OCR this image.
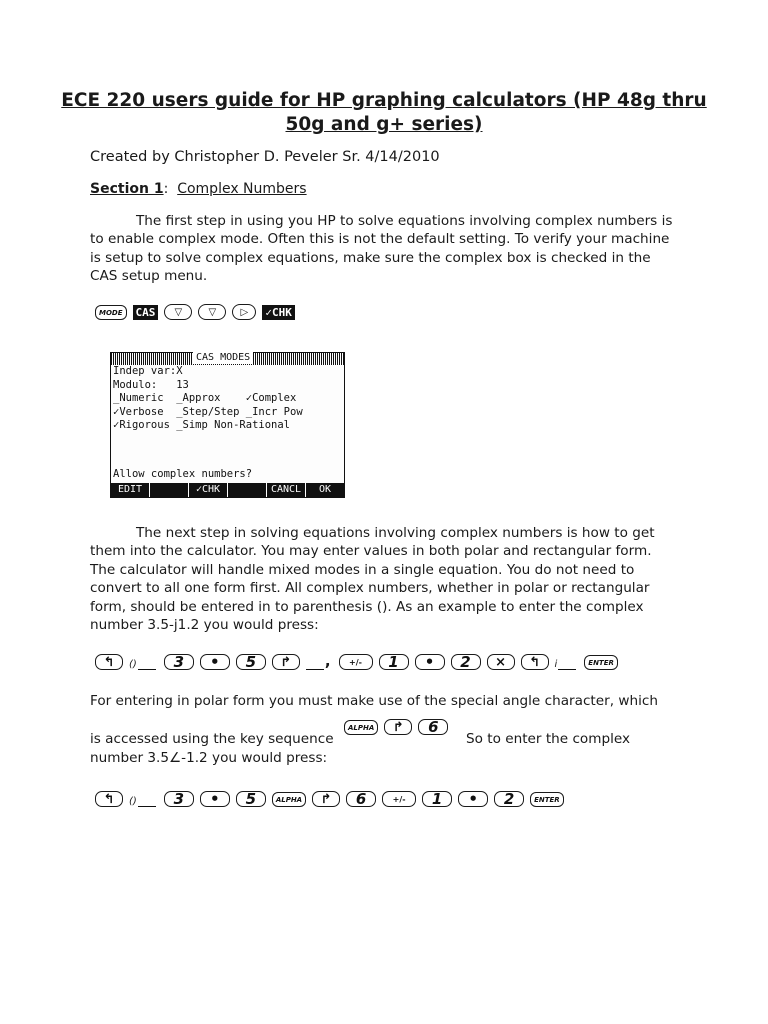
ECE 220 users guide for HP graphing calculators (HP 48g thru 50g and g+ series)
Created by Christopher D. Peveler Sr. 4/14/2010
Section 1: Complex Numbers
The first step in using you HP to solve equations involving complex numbers is to enable complex mode. Often this is not the default setting. To verify your machine is setup to solve complex equations, make sure the complex box is checked in the CAS setup menu.
MODE	CAS	▽	▽	▷	✓CHK
CAS MODES
Indep var:X
Modulo:   13
_Numeric  _Approx    ✓Complex
✓Verbose  _Step/Step _Incr Pow
✓Rigorous _Simp Non-Rational
Allow complex numbers?
EDIT	✓CHK	CANCL	OK
The next step in solving equations involving complex numbers is how to get them into the calculator. You may enter values in both polar and rectangular form. The calculator will handle mixed modes in a single equation. You do not need to convert to all one form first. All complex numbers, whether in polar or rectangular form, should be entered in to parenthesis (). As an example to enter the complex number 3.5-j1.2 you would press:
↰	()	3	•	5	↱	,	+/-	1	•	2	×	↰	i	ENTER
For entering in polar form you must make use of the special angle character, which
is accessed using the key sequence
ALPHA	↱	6
So to enter the complex
number 3.5∠-1.2 you would press:
↰	()	3	•	5	ALPHA	↱	6	+/-	1	•	2	ENTER
